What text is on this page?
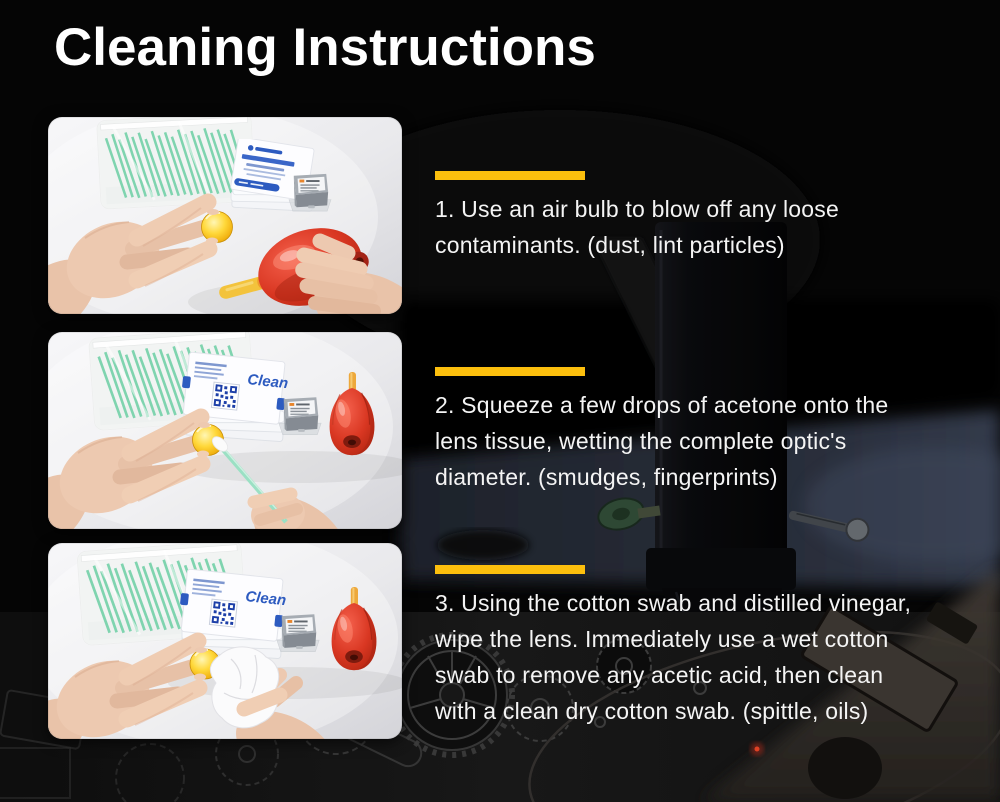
Cleaning Instructions
Clean
Clean

1. Use an air bulb to blow off any loose

contaminants. (dust, lint particles)

2. Squeeze a few drops of acetone onto the

lens tissue, wetting the complete optic's

diameter. (smudges, fingerprints)

3. Using the cotton swab and distilled vinegar,

wipe the lens. Immediately use a wet cotton

swab to remove any acetic acid, then clean

with a clean dry cotton swab. (spittle, oils)
